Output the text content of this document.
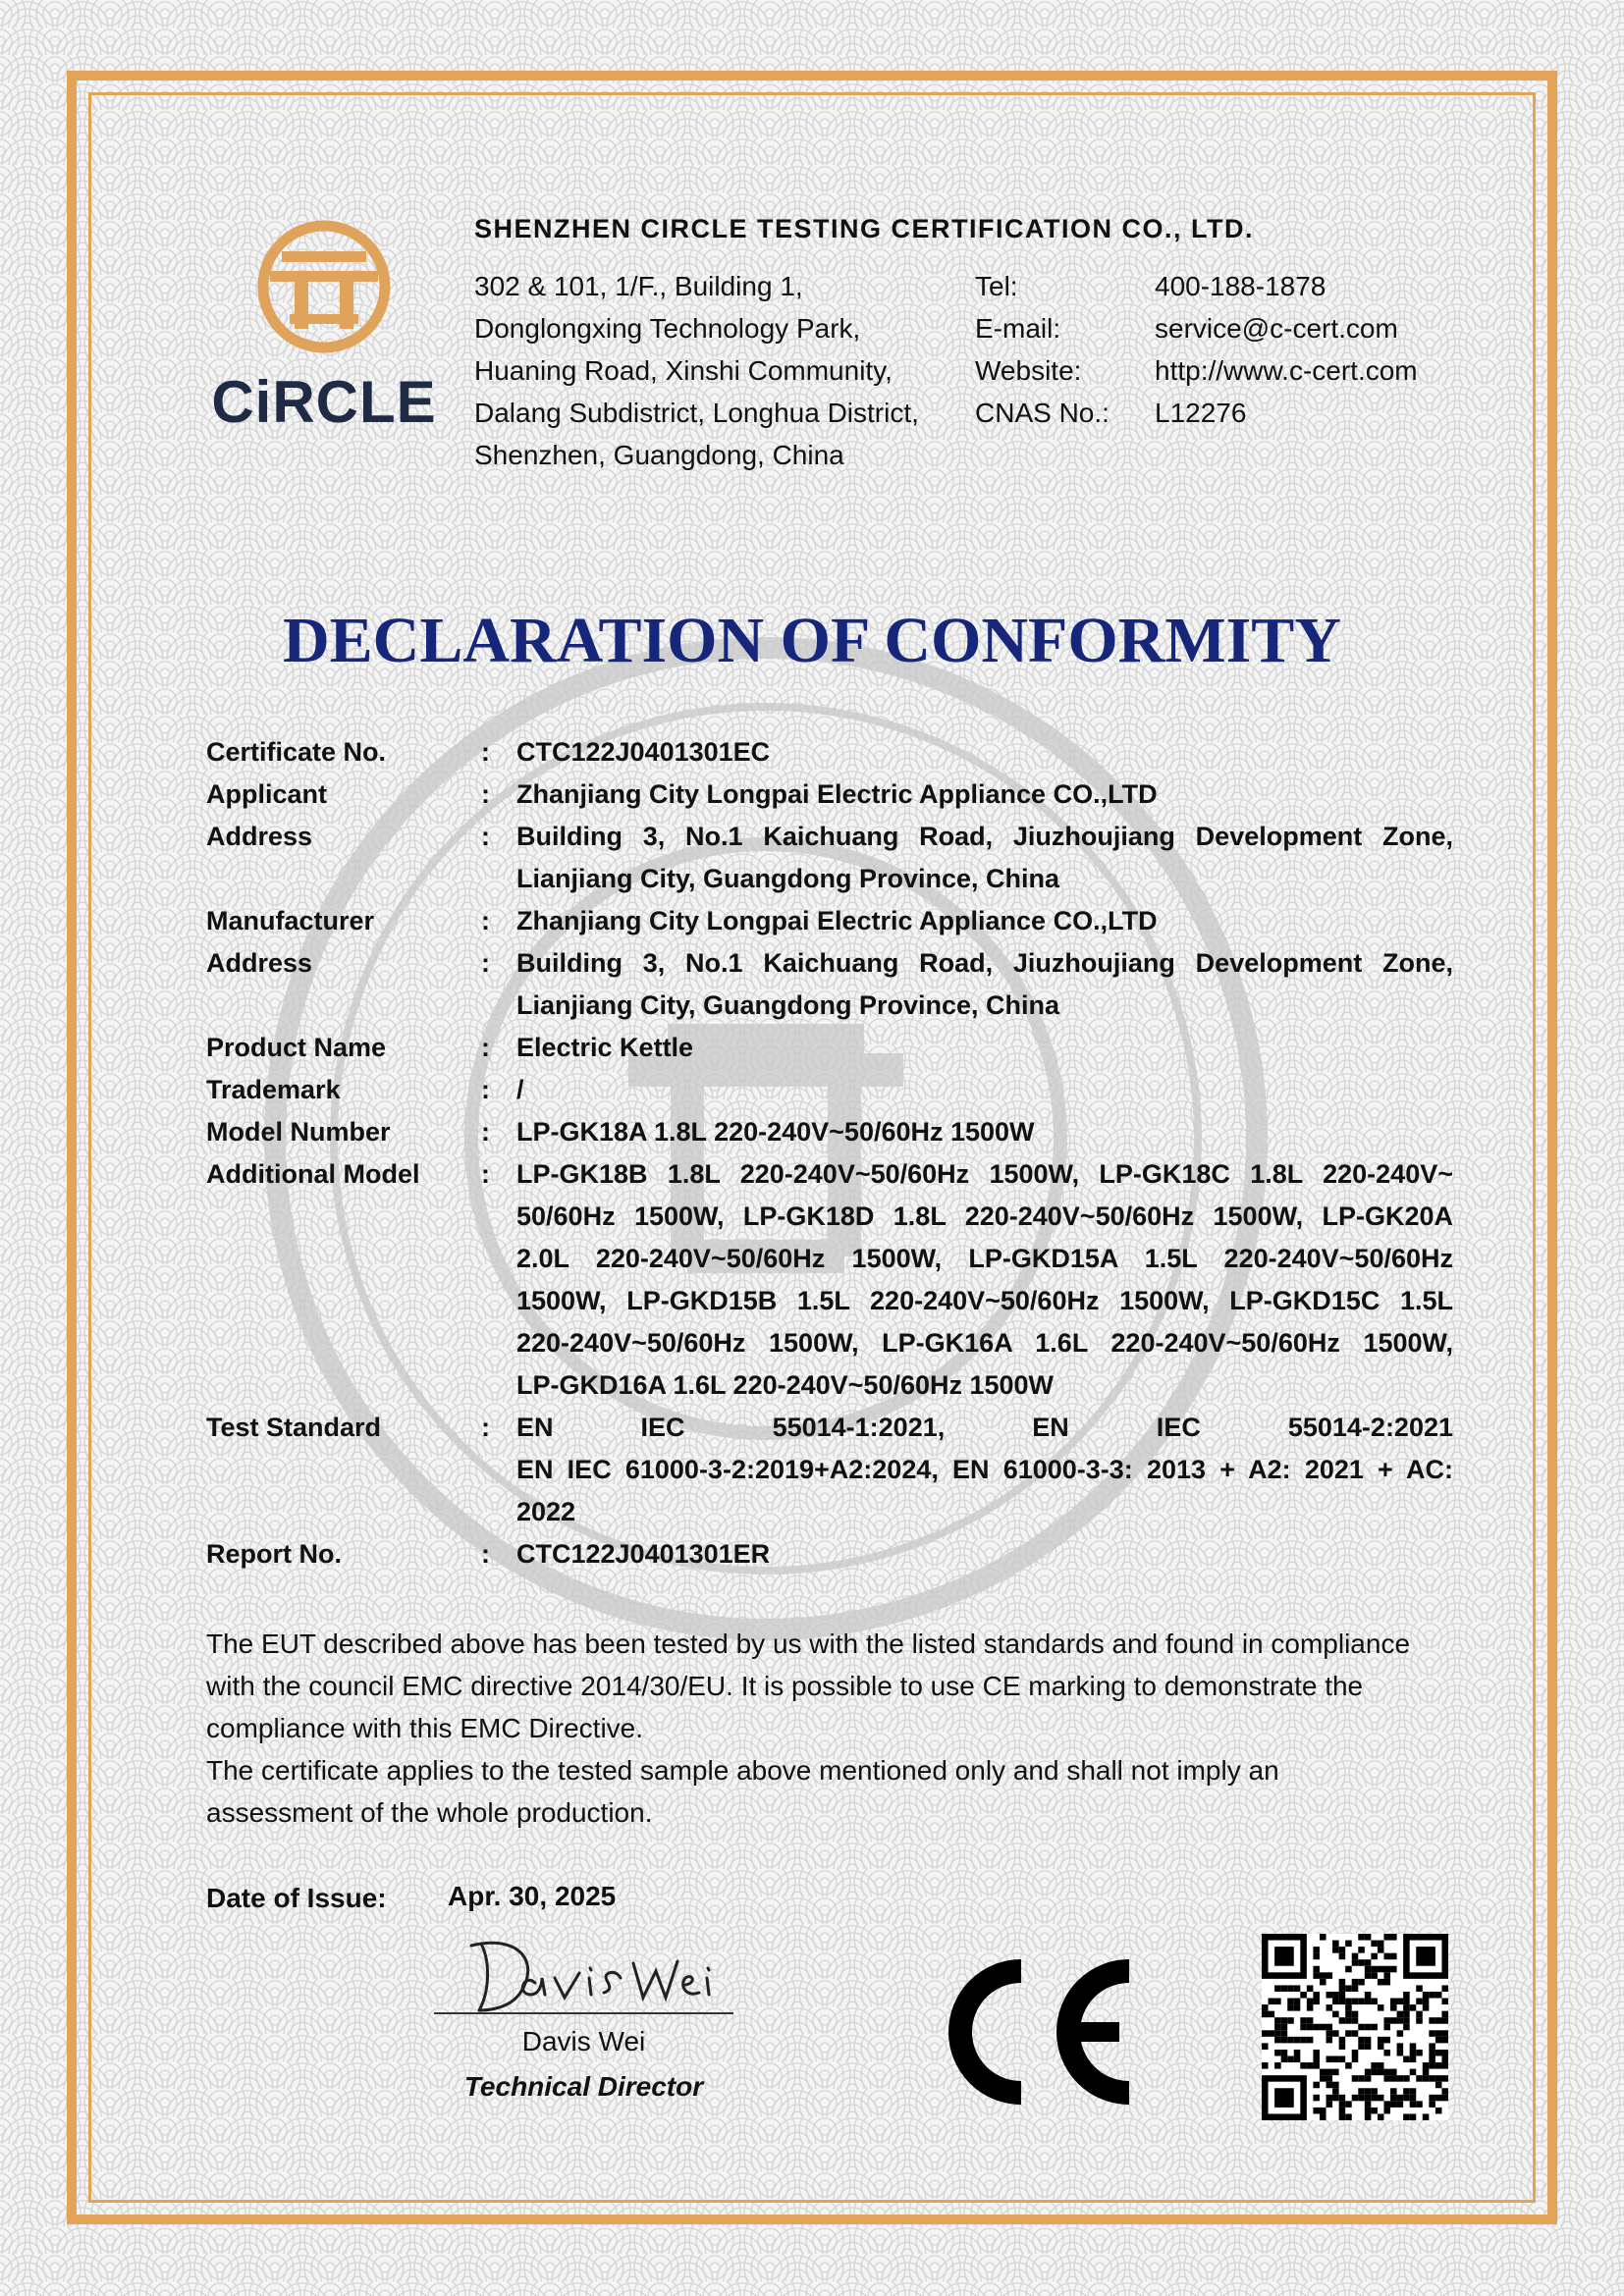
CiRCLE
SHENZHEN CIRCLE TESTING CERTIFICATION CO., LTD.
302 & 101, 1/F., Building 1,
Donglongxing Technology Park,
Huaning Road, Xinshi Community,
Dalang Subdistrict, Longhua District,
Shenzhen, Guangdong, China
Tel:	400-188-1878
E-mail:	service@c-cert.com
Website:	http://www.c-cert.com
CNAS No.:	L12276
DECLARATION OF CONFORMITY
Certificate No.	:	CTC122J0401301EC
Applicant	:	Zhanjiang City Longpai Electric Appliance CO.,LTD
Address	:	Building 3, No.1 Kaichuang Road, Jiuzhoujiang Development Zone,
Lianjiang City, Guangdong Province, China
Manufacturer	:	Zhanjiang City Longpai Electric Appliance CO.,LTD
Address	:	Building 3, No.1 Kaichuang Road, Jiuzhoujiang Development Zone,
Lianjiang City, Guangdong Province, China
Product Name	:	Electric Kettle
Trademark	:	/
Model Number	:	LP-GK18A 1.8L 220-240V~50/60Hz 1500W
Additional Model	:	LP-GK18B 1.8L 220-240V~50/60Hz 1500W, LP-GK18C 1.8L 220-240V~
50/60Hz 1500W, LP-GK18D 1.8L 220-240V~50/60Hz 1500W, LP-GK20A
2.0L 220-240V~50/60Hz 1500W, LP-GKD15A 1.5L 220-240V~50/60Hz
1500W, LP-GKD15B 1.5L 220-240V~50/60Hz 1500W, LP-GKD15C 1.5L
220-240V~50/60Hz 1500W, LP-GK16A 1.6L 220-240V~50/60Hz 1500W,
LP-GKD16A 1.6L 220-240V~50/60Hz 1500W
Test Standard	:	EN IEC 55014-1:2021, EN IEC 55014-2:2021
EN IEC 61000-3-2:2019+A2:2024, EN 61000-3-3: 2013 + A2: 2021 + AC:
2022
Report No.	:	CTC122J0401301ER

The EUT described above has been tested by us with the listed standards and found in compliance

with the council EMC directive 2014/30/EU. It is possible to use CE marking to demonstrate the

compliance with this EMC Directive.

The certificate applies to the tested sample above mentioned only and shall not imply an

assessment of the whole production.

Date of Issue: Apr. 30, 2025
Davis Wei
Technical Director
